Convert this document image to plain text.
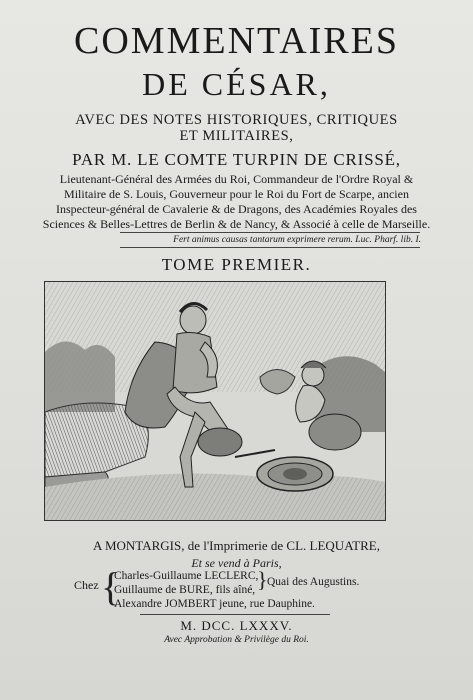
COMMENTAIRES
DE CÉSAR,
AVEC DES NOTES HISTORIQUES, CRITIQUES
ET MILITAIRES,
PAR M. LE COMTE TURPIN DE CRISSÉ,
Lieutenant-Général des Armées du Roi, Commandeur de l'Ordre Royal &
Militaire de S. Louis, Gouverneur pour le Roi du Fort de Scarpe, ancien
Inspecteur-général de Cavalerie & de Dragons, des Académies Royales des
Sciences & Belles-Lettres de Berlin & de Nancy, & Associé à celle de Marseille.
Fert animus causas tantarum exprimere rerum. Luc. Pharf. lib. I.
TOME PREMIER.
A MONTARGIS, de l'Imprimerie de CL. LEQUATRE,
Et se vend à Paris,
Chez {
Charles-Guillaume LECLERC,
Guillaume de BURE, fils aîné,
Alexandre JOMBERT jeune, rue Dauphine.
} Quai des Augustins.
M. DCC. LXXXV.
Avec Approbation & Privilège du Roi.
